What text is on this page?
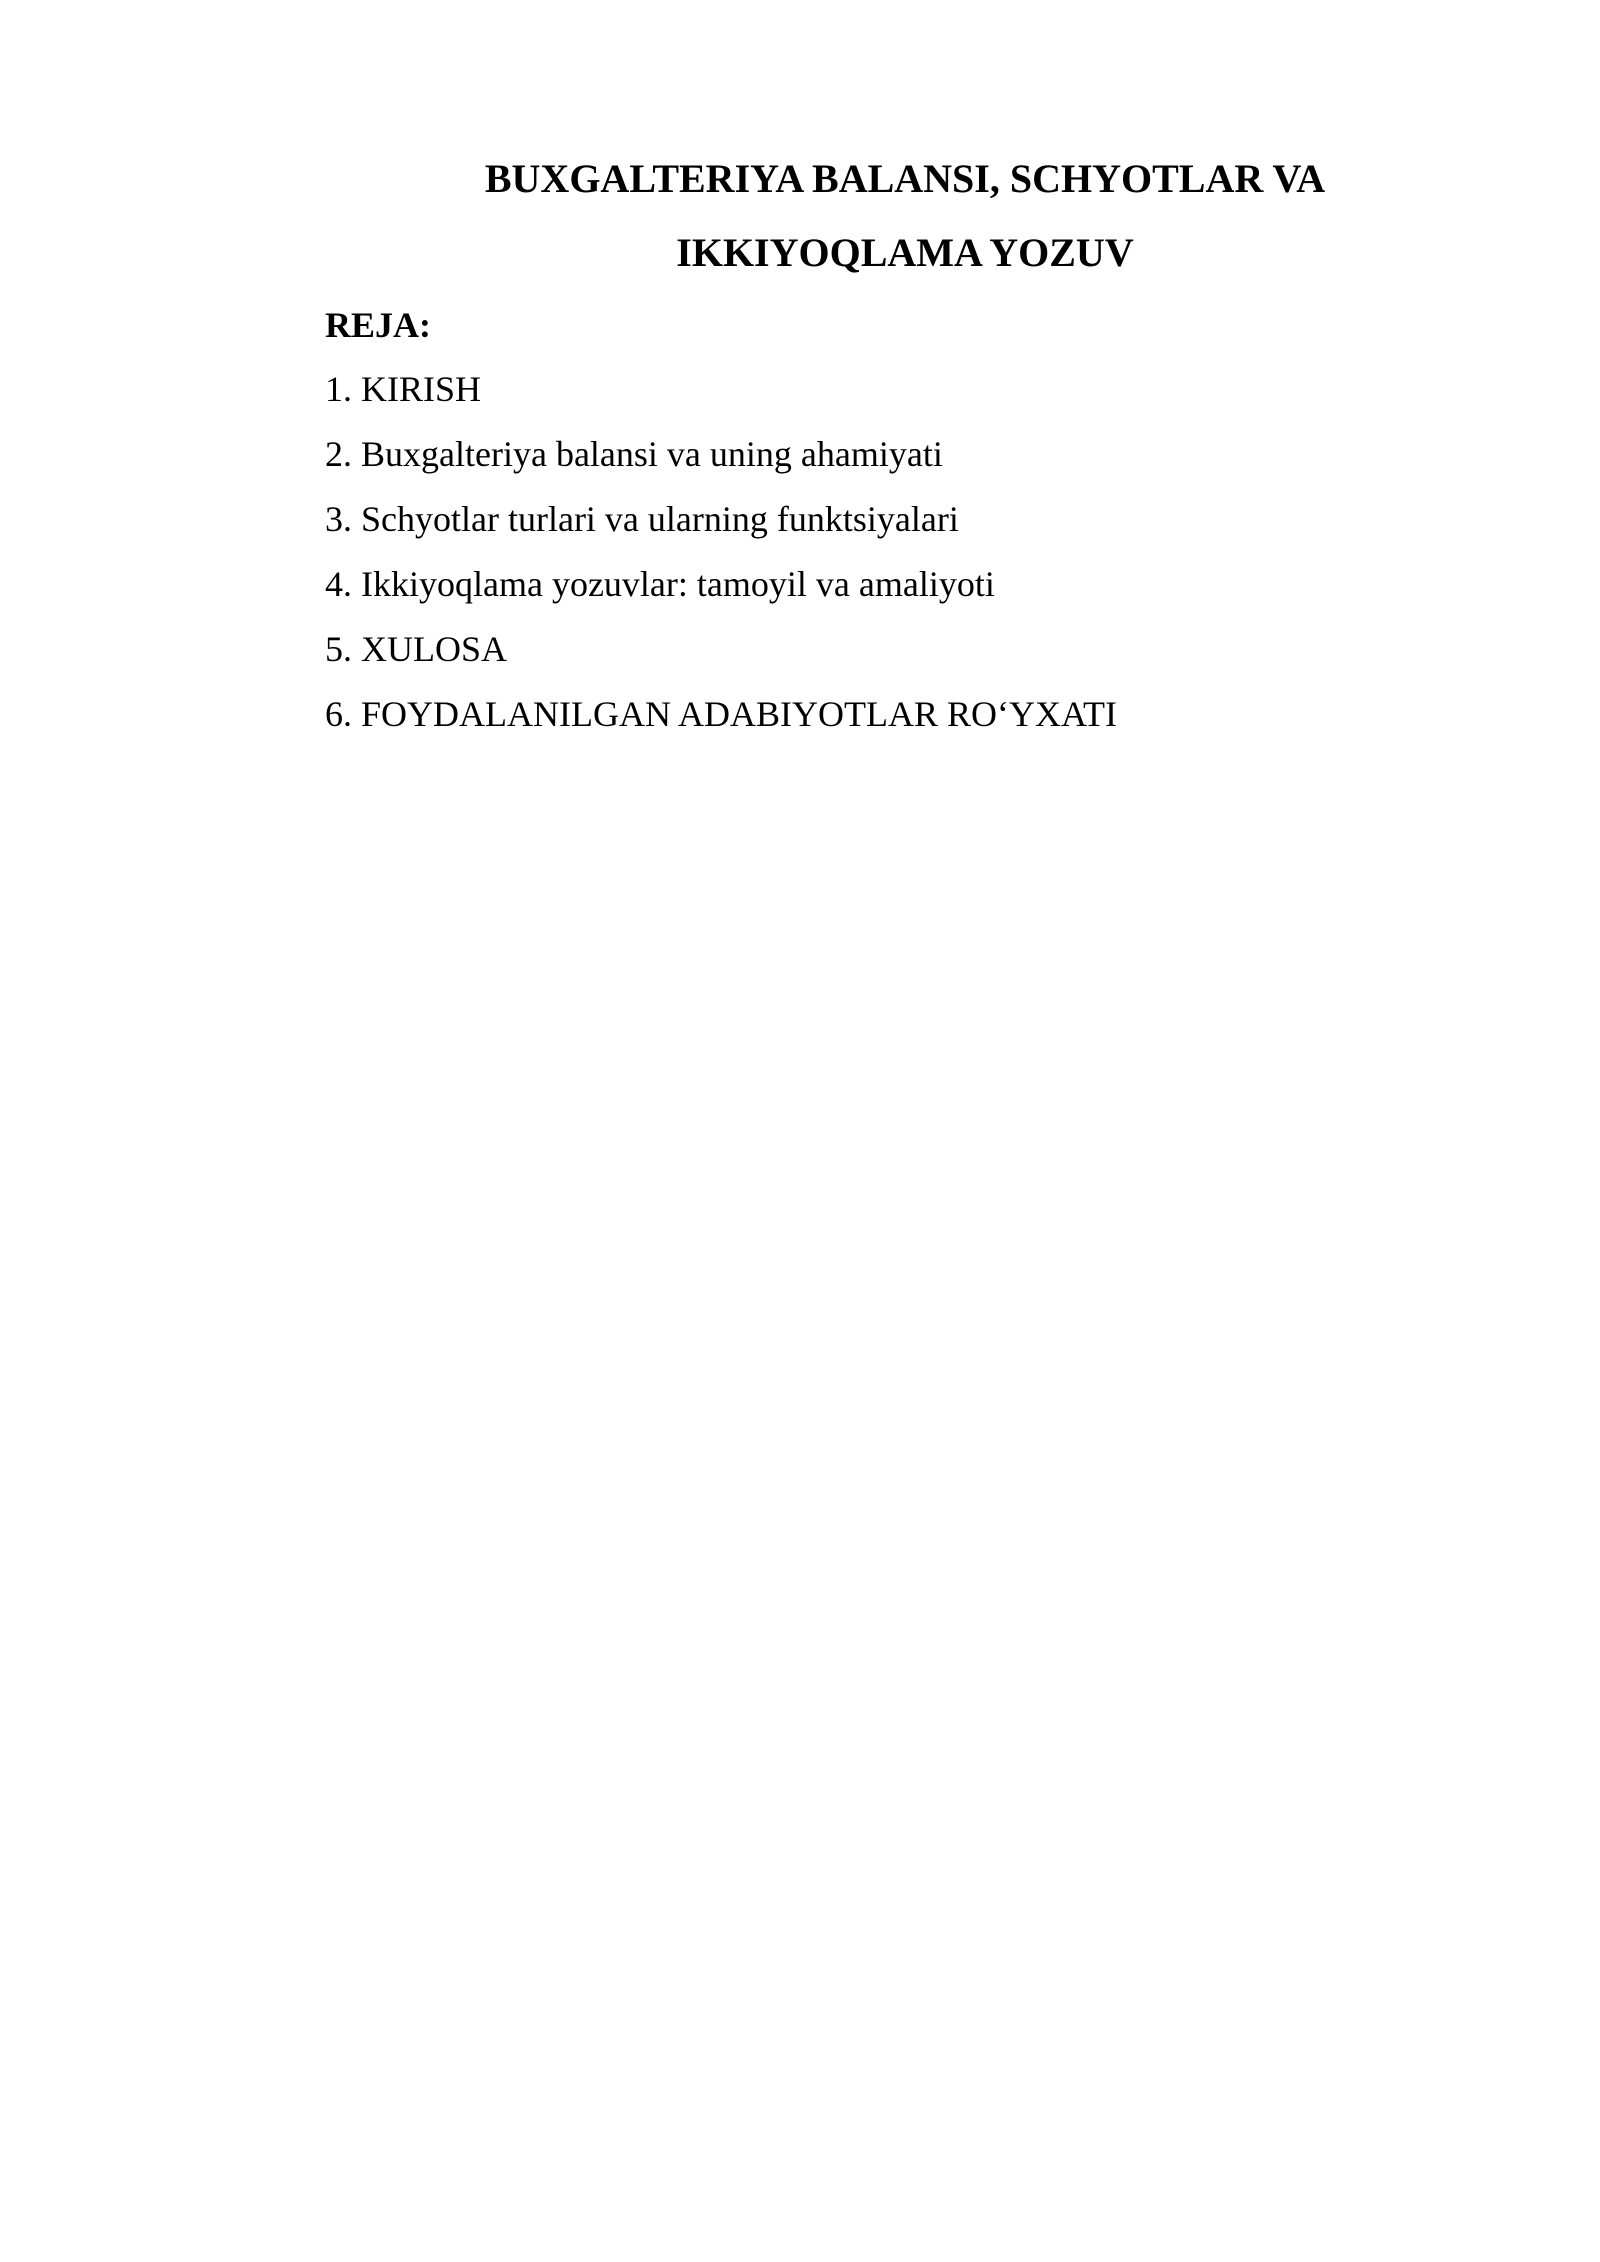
BUXGALTERIYA BALANSI, SCHYOTLAR VA
IKKIYOQLAMA YOZUV

REJA:

1. KIRISH
2. Buxgalteriya balansi va uning ahamiyati
3. Schyotlar turlari va ularning funktsiyalari
4. Ikkiyoqlama yozuvlar: tamoyil va amaliyoti
5. XULOSA
6. FOYDALANILGAN ADABIYOTLAR RO‘YXATI
